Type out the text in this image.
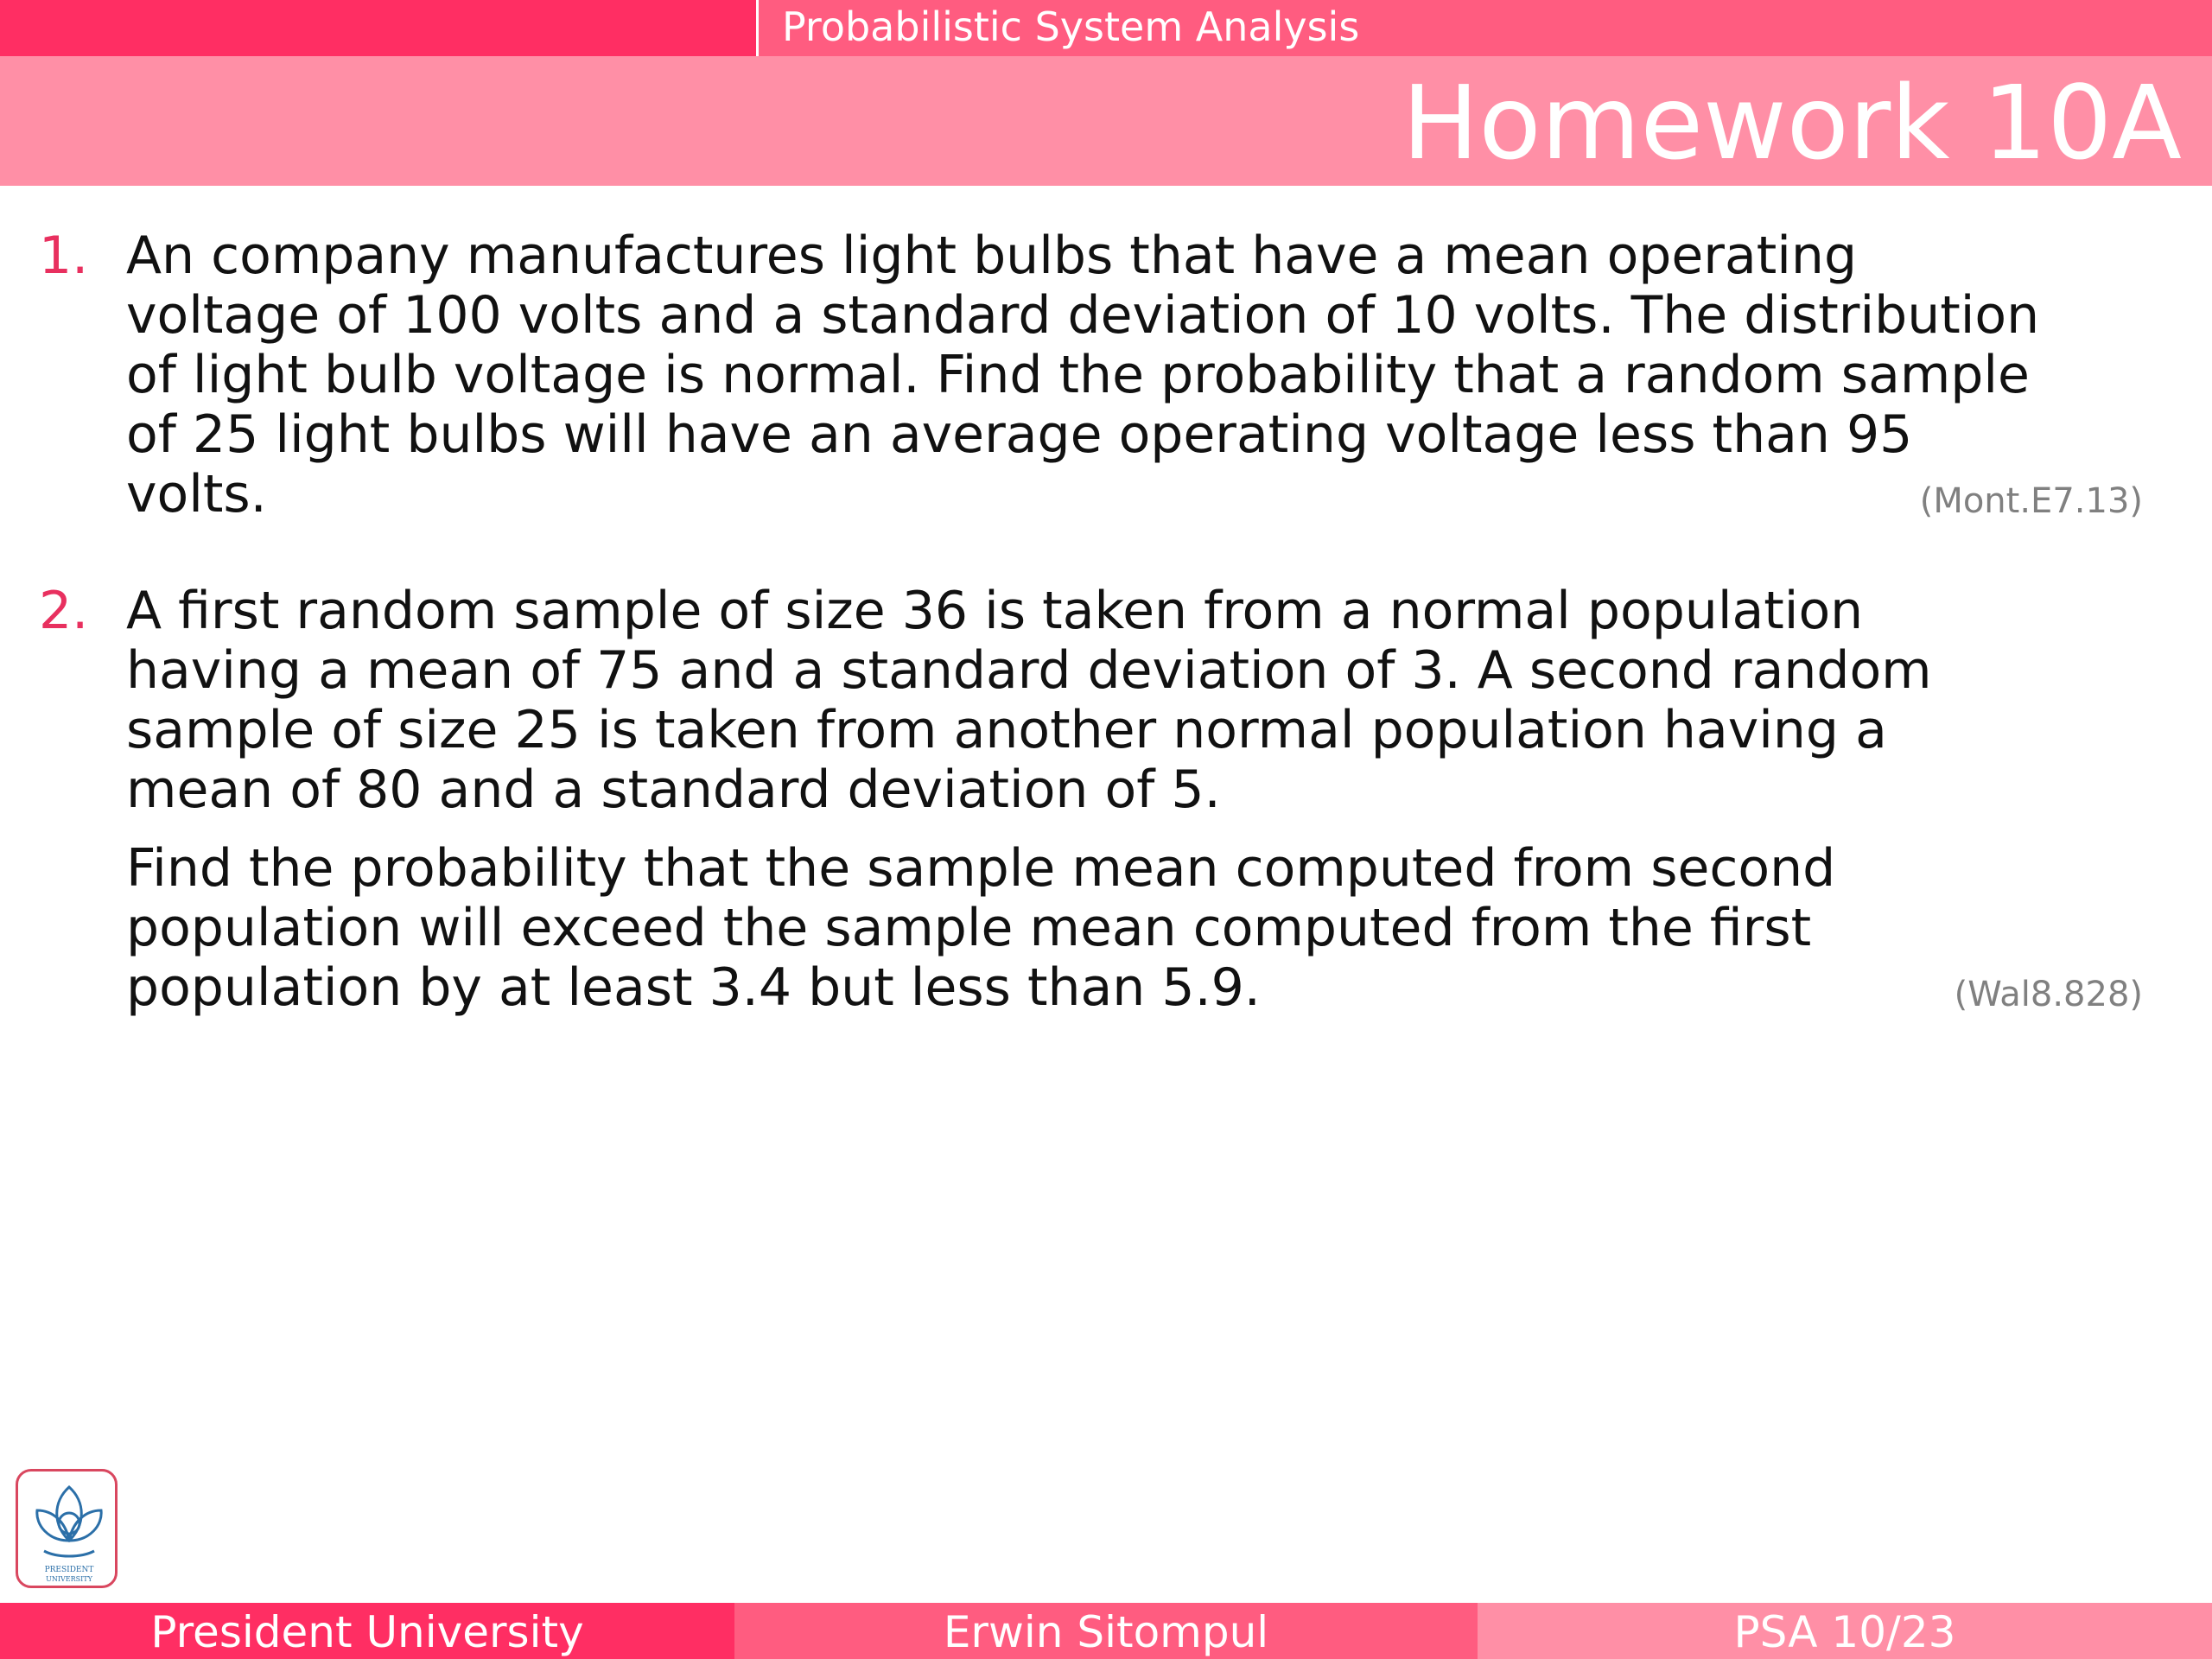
Probabilistic System Analysis
Homework 10A
1. An company manufactures light bulbs that have a mean operating
voltage of 100 volts and a standard deviation of 10 volts. The distribution
of light bulb voltage is normal. Find the probability that a random sample
of 25 light bulbs will have an average operating voltage less than 95
volts.	(Mont.E7.13)
2. A first random sample of size 36 is taken from a normal population
having a mean of 75 and a standard deviation of 3. A second random
sample of size 25 is taken from another normal population having a
mean of 80 and a standard deviation of 5.
Find the probability that the sample mean computed from second
population will exceed the sample mean computed from the first
population by at least 3.4 but less than 5.9.	(Wal8.828)
PRESIDENT
UNIVERSITY
President University	Erwin Sitompul	PSA 10/23
